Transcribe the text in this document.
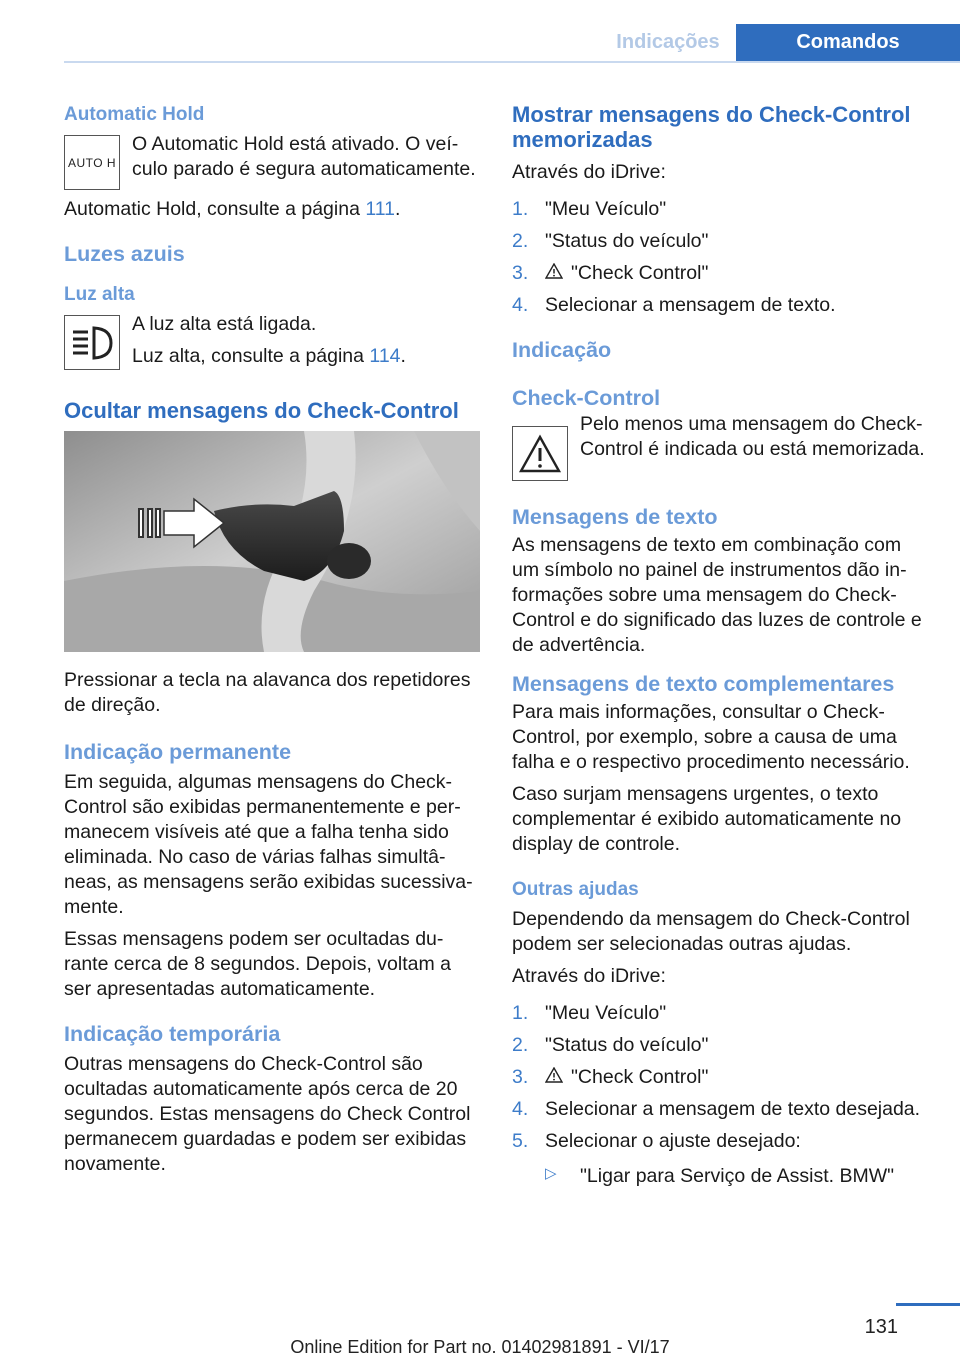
Indicações	Comandos
Automatic Hold
AUTO H

O Automatic Hold está ativado. O veículo parado é segura automaticamente.

Automatic Hold, consulte a página 111.

Luzes azuis
Luz alta

A luz alta está ligada.

Luz alta, consulte a página 114.

Ocultar mensagens do Check-Control

Pressionar a tecla na alavanca dos repetidores de direção.

Indicação permanente

Em seguida, algumas mensagens do Check-Control são exibidas permanentemente e permanecem visíveis até que a falha tenha sido eliminada. No caso de várias falhas simultâneas, as mensagens serão exibidas sucessivamente.

Essas mensagens podem ser ocultadas durante cerca de 8 segundos. Depois, voltam a ser apresentadas automaticamente.

Indicação temporária

Outras mensagens do Check-Control são ocultadas automaticamente após cerca de 20 segundos. Estas mensagens do Check Control permanecem guardadas e podem ser exibidas novamente.

Mostrar mensagens do Check-Control memorizadas

Através do iDrive:

1. "Meu Veículo"
2. "Status do veículo"
3.	"Check Control"
4. Selecionar a mensagem de texto.
Indicação
Check-Control

Pelo menos uma mensagem do Check-Control é indicada ou está memorizada.

Mensagens de texto

As mensagens de texto em combinação com um símbolo no painel de instrumentos dão informações sobre uma mensagem do Check-Control e do significado das luzes de controle e de advertência.

Mensagens de texto complementares

Para mais informações, consultar o Check-Control, por exemplo, sobre a causa de uma falha e o respectivo procedimento necessário.

Caso surjam mensagens urgentes, o texto complementar é exibido automaticamente no display de controle.

Outras ajudas

Dependendo da mensagem do Check-Control podem ser selecionadas outras ajudas.

Através do iDrive:

1. "Meu Veículo"
2. "Status do veículo"
3.	"Check Control"
4. Selecionar a mensagem de texto desejada.
5. Selecionar o ajuste desejado:
▷	"Ligar para Serviço de Assist. BMW"
131
Online Edition for Part no. 01402981891 - VI/17
